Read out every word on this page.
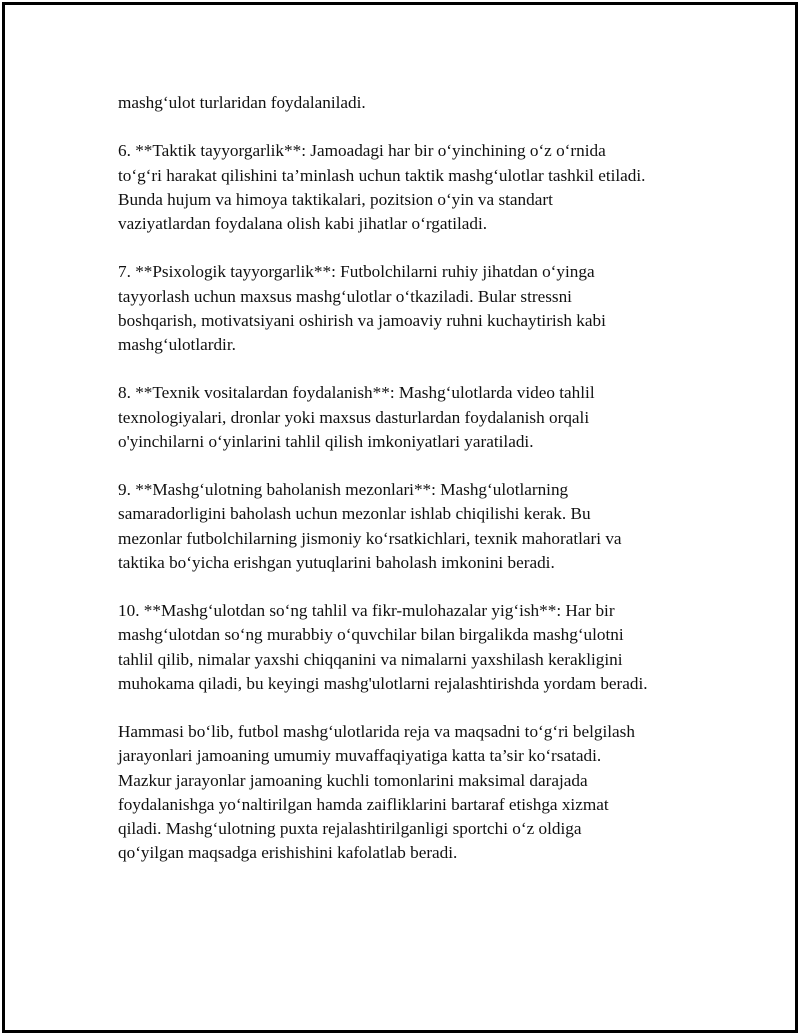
mashg‘ulot turlaridan foydalaniladi.

6. **Taktik tayyorgarlik**: Jamoadagi har bir o‘yinchining o‘z o‘rnida
to‘g‘ri harakat qilishini ta’minlash uchun taktik mashg‘ulotlar tashkil etiladi.
Bunda hujum va himoya taktikalari, pozitsion o‘yin va standart
vaziyatlardan foydalana olish kabi jihatlar o‘rgatiladi.

7. **Psixologik tayyorgarlik**: Futbolchilarni ruhiy jihatdan o‘yinga
tayyorlash uchun maxsus mashg‘ulotlar o‘tkaziladi. Bular stressni
boshqarish, motivatsiyani oshirish va jamoaviy ruhni kuchaytirish kabi
mashg‘ulotlardir.

8. **Texnik vositalardan foydalanish**: Mashg‘ulotlarda video tahlil
texnologiyalari, dronlar yoki maxsus dasturlardan foydalanish orqali
o'yinchilarni o‘yinlarini tahlil qilish imkoniyatlari yaratiladi.

9. **Mashg‘ulotning baholanish mezonlari**: Mashg‘ulotlarning
samaradorligini baholash uchun mezonlar ishlab chiqilishi kerak. Bu
mezonlar futbolchilarning jismoniy ko‘rsatkichlari, texnik mahoratlari va
taktika bo‘yicha erishgan yutuqlarini baholash imkonini beradi.

10. **Mashg‘ulotdan so‘ng tahlil va fikr-mulohazalar yig‘ish**: Har bir
mashg‘ulotdan so‘ng murabbiy o‘quvchilar bilan birgalikda mashg‘ulotni
tahlil qilib, nimalar yaxshi chiqqanini va nimalarni yaxshilash kerakligini
muhokama qiladi, bu keyingi mashg'ulotlarni rejalashtirishda yordam beradi.

Hammasi bo‘lib, futbol mashg‘ulotlarida reja va maqsadni to‘g‘ri belgilash
jarayonlari jamoaning umumiy muvaffaqiyatiga katta ta’sir ko‘rsatadi.
Mazkur jarayonlar jamoaning kuchli tomonlarini maksimal darajada
foydalanishga yo‘naltirilgan hamda zaifliklarini bartaraf etishga xizmat
qiladi. Mashg‘ulotning puxta rejalashtirilganligi sportchi o‘z oldiga
qo‘yilgan maqsadga erishishini kafolatlab beradi.
